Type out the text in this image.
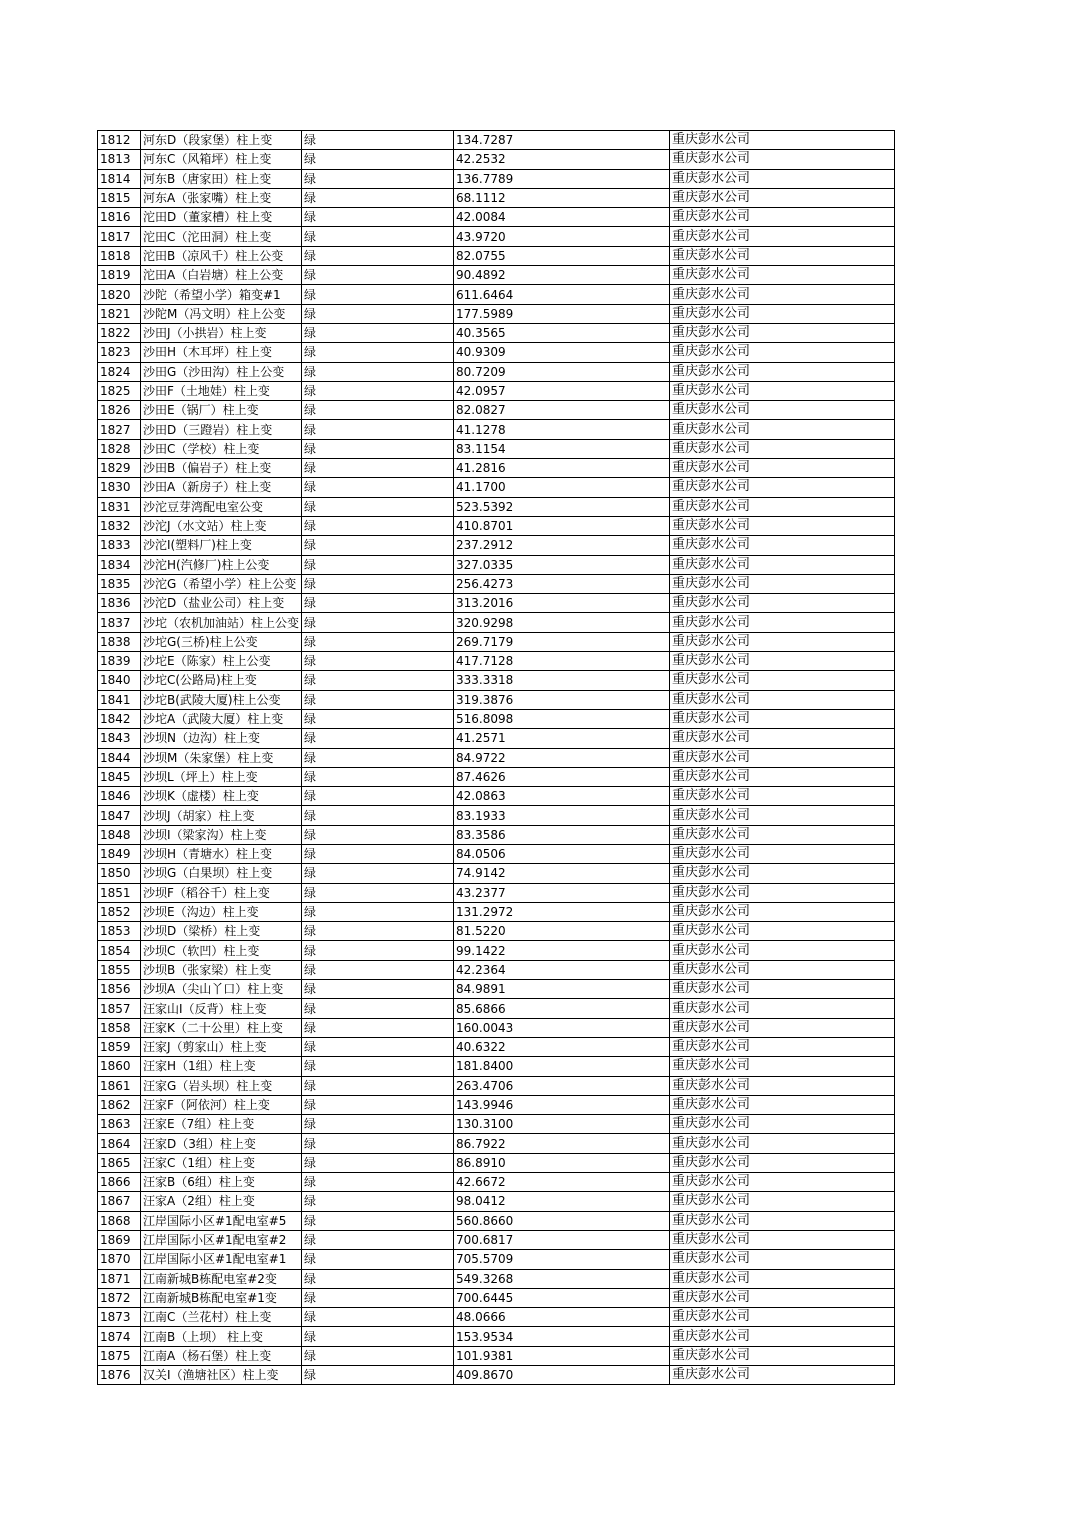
1812	河东D（段家堡）柱上变	绿	134.7287	重庆彭水公司
1813	河东C（风箱坪）柱上变	绿	42.2532	重庆彭水公司
1814	河东B（唐家田）柱上变	绿	136.7789	重庆彭水公司
1815	河东A（张家嘴）柱上变	绿	68.1112	重庆彭水公司
1816	沱田D（董家槽）柱上变	绿	42.0084	重庆彭水公司
1817	沱田C（沱田洞）柱上变	绿	43.9720	重庆彭水公司
1818	沱田B（凉风千）柱上公变	绿	82.0755	重庆彭水公司
1819	沱田A（白岩塘）柱上公变	绿	90.4892	重庆彭水公司
1820	沙陀（希望小学）箱变#1	绿	611.6464	重庆彭水公司
1821	沙陀M（冯文明）柱上公变	绿	177.5989	重庆彭水公司
1822	沙田J（小拱岩）柱上变	绿	40.3565	重庆彭水公司
1823	沙田H（木耳坪）柱上变	绿	40.9309	重庆彭水公司
1824	沙田G（沙田沟）柱上公变	绿	80.7209	重庆彭水公司
1825	沙田F（土地娃）柱上变	绿	42.0957	重庆彭水公司
1826	沙田E（锅厂）柱上变	绿	82.0827	重庆彭水公司
1827	沙田D（三蹬岩）柱上变	绿	41.1278	重庆彭水公司
1828	沙田C（学校）柱上变	绿	83.1154	重庆彭水公司
1829	沙田B（偏岩子）柱上变	绿	41.2816	重庆彭水公司
1830	沙田A（新房子）柱上变	绿	41.1700	重庆彭水公司
1831	沙沱豆芽湾配电室公变	绿	523.5392	重庆彭水公司
1832	沙沱J（水文站）柱上变	绿	410.8701	重庆彭水公司
1833	沙沱I(塑料厂)柱上变	绿	237.2912	重庆彭水公司
1834	沙沱H(汽修厂)柱上公变	绿	327.0335	重庆彭水公司
1835	沙沱G（希望小学）柱上公变	绿	256.4273	重庆彭水公司
1836	沙沱D（盐业公司）柱上变	绿	313.2016	重庆彭水公司
1837	沙坨（农机加油站）柱上公变	绿	320.9298	重庆彭水公司
1838	沙坨G(三桥)柱上公变	绿	269.7179	重庆彭水公司
1839	沙坨E（陈家）柱上公变	绿	417.7128	重庆彭水公司
1840	沙坨C(公路局)柱上变	绿	333.3318	重庆彭水公司
1841	沙坨B(武陵大厦)柱上公变	绿	319.3876	重庆彭水公司
1842	沙坨A（武陵大厦）柱上变	绿	516.8098	重庆彭水公司
1843	沙坝N（边沟）柱上变	绿	41.2571	重庆彭水公司
1844	沙坝M（朱家堡）柱上变	绿	84.9722	重庆彭水公司
1845	沙坝L（坪上）柱上变	绿	87.4626	重庆彭水公司
1846	沙坝K（虚楼）柱上变	绿	42.0863	重庆彭水公司
1847	沙坝J（胡家）柱上变	绿	83.1933	重庆彭水公司
1848	沙坝I（梁家沟）柱上变	绿	83.3586	重庆彭水公司
1849	沙坝H（青塘水）柱上变	绿	84.0506	重庆彭水公司
1850	沙坝G（白果坝）柱上变	绿	74.9142	重庆彭水公司
1851	沙坝F（稻谷千）柱上变	绿	43.2377	重庆彭水公司
1852	沙坝E（沟边）柱上变	绿	131.2972	重庆彭水公司
1853	沙坝D（梁桥）柱上变	绿	81.5220	重庆彭水公司
1854	沙坝C（软凹）柱上变	绿	99.1422	重庆彭水公司
1855	沙坝B（张家梁）柱上变	绿	42.2364	重庆彭水公司
1856	沙坝A（尖山丫口）柱上变	绿	84.9891	重庆彭水公司
1857	汪家山I（反背）柱上变	绿	85.6866	重庆彭水公司
1858	汪家K（二十公里）柱上变	绿	160.0043	重庆彭水公司
1859	汪家J（剪家山）柱上变	绿	40.6322	重庆彭水公司
1860	汪家H（1组）柱上变	绿	181.8400	重庆彭水公司
1861	汪家G（岩头坝）柱上变	绿	263.4706	重庆彭水公司
1862	汪家F（阿依河）柱上变	绿	143.9946	重庆彭水公司
1863	汪家E（7组）柱上变	绿	130.3100	重庆彭水公司
1864	汪家D（3组）柱上变	绿	86.7922	重庆彭水公司
1865	汪家C（1组）柱上变	绿	86.8910	重庆彭水公司
1866	汪家B（6组）柱上变	绿	42.6672	重庆彭水公司
1867	汪家A（2组）柱上变	绿	98.0412	重庆彭水公司
1868	江岸国际小区#1配电室#5	绿	560.8660	重庆彭水公司
1869	江岸国际小区#1配电室#2	绿	700.6817	重庆彭水公司
1870	江岸国际小区#1配电室#1	绿	705.5709	重庆彭水公司
1871	江南新城B栋配电室#2变	绿	549.3268	重庆彭水公司
1872	江南新城B栋配电室#1变	绿	700.6445	重庆彭水公司
1873	江南C（兰花村）柱上变	绿	48.0666	重庆彭水公司
1874	江南B（上坝） 柱上变	绿	153.9534	重庆彭水公司
1875	江南A（杨石堡）柱上变	绿	101.9381	重庆彭水公司
1876	汉关I（渔塘社区）柱上变	绿	409.8670	重庆彭水公司
